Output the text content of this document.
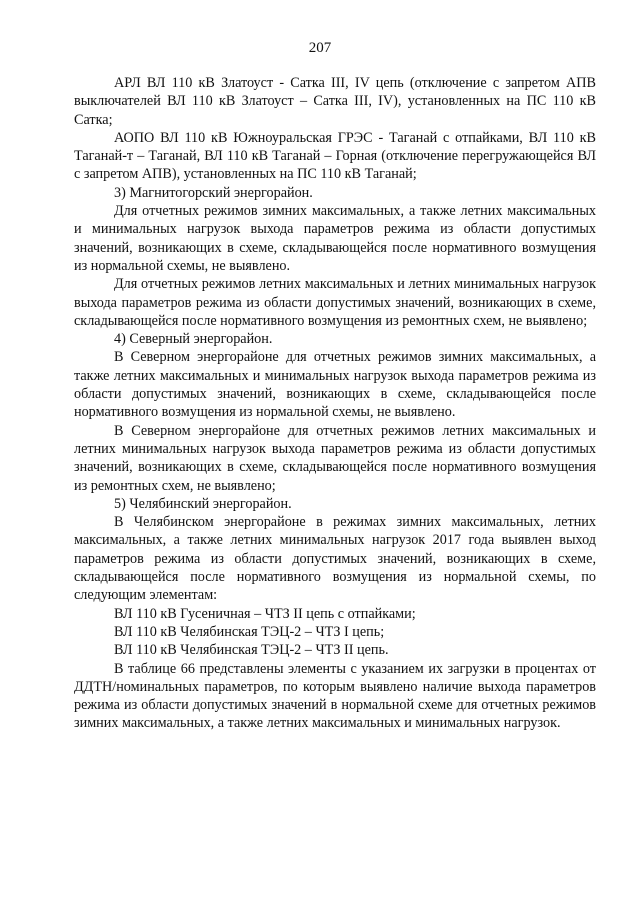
207

АРЛ ВЛ 110 кВ Златоуст - Сатка III, IV цепь (отключение с запретом АПВ выключателей ВЛ 110 кВ Златоуст – Сатка III, IV), установленных на ПС 110 кВ Сатка;

АОПО ВЛ 110 кВ Южноуральская ГРЭС - Таганай с отпайками, ВЛ 110 кВ Таганай-т – Таганай, ВЛ 110 кВ Таганай – Горная (отключение перегружающейся ВЛ с запретом АПВ), установленных на ПС 110 кВ Таганай;

3) Магнитогорский энергорайон.

Для отчетных режимов зимних максимальных, а также летних максимальных и минимальных нагрузок выхода параметров режима из области допустимых значений, возникающих в схеме, складывающейся после нормативного возмущения из нормальной схемы, не выявлено.

Для отчетных режимов летних максимальных и летних минимальных нагрузок выхода параметров режима из области допустимых значений, возникающих в схеме, складывающейся после нормативного возмущения из ремонтных схем, не выявлено;

4) Северный энергорайон.

В Северном энергорайоне для отчетных режимов зимних максимальных, а также летних максимальных и минимальных нагрузок выхода параметров режима из области допустимых значений, возникающих в схеме, складывающейся после нормативного возмущения из нормальной схемы, не выявлено.

В Северном энергорайоне для отчетных режимов летних максимальных и летних минимальных нагрузок выхода параметров режима из области допустимых значений, возникающих в схеме, складывающейся после нормативного возмущения из ремонтных схем, не выявлено;

5) Челябинский энергорайон.

В Челябинском энергорайоне в режимах зимних максимальных, летних максимальных, а также летних минимальных нагрузок 2017 года выявлен выход параметров режима из области допустимых значений, возникающих в схеме, складывающейся после нормативного возмущения из нормальной схемы, по следующим элементам:

ВЛ 110 кВ Гусеничная – ЧТЗ II цепь с отпайками;

ВЛ 110 кВ Челябинская ТЭЦ-2 – ЧТЗ I цепь;

ВЛ 110 кВ Челябинская ТЭЦ-2 – ЧТЗ II цепь.

В таблице 66 представлены элементы с указанием их загрузки в процентах от ДДТН/номинальных параметров, по которым выявлено наличие выхода параметров режима из области допустимых значений в нормальной схеме для отчетных режимов зимних максимальных, а также летних максимальных и минимальных нагрузок.
